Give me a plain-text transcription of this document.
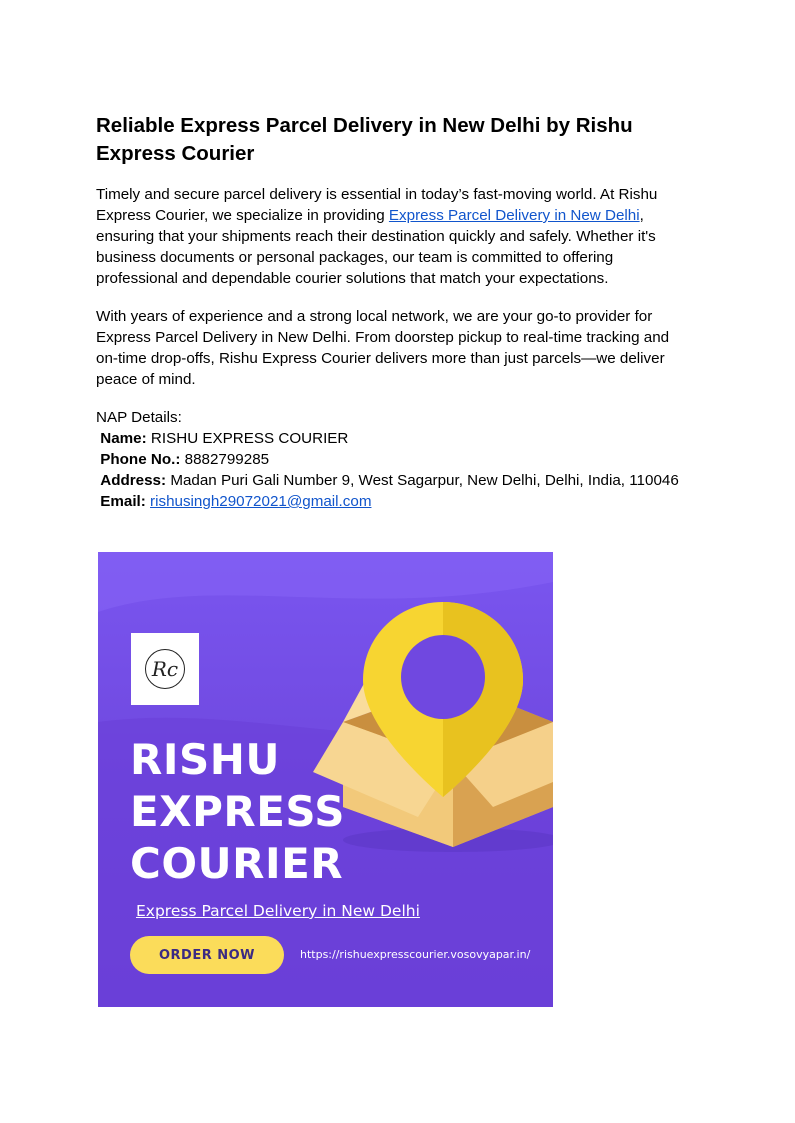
Reliable Express Parcel Delivery in New Delhi by Rishu Express Courier

Timely and secure parcel delivery is essential in today’s fast-moving world. At Rishu Express Courier, we specialize in providing Express Parcel Delivery in New Delhi, ensuring that your shipments reach their destination quickly and safely. Whether it's business documents or personal packages, our team is committed to offering professional and dependable courier solutions that match your expectations.

With years of experience and a strong local network, we are your go-to provider for Express Parcel Delivery in New Delhi. From doorstep pickup to real-time tracking and on-time drop-offs, Rishu Express Courier delivers more than just parcels—we deliver peace of mind.

NAP Details:
Name: RISHU EXPRESS COURIER
Phone No.: 8882799285
Address: Madan Puri Gali Number 9, West Sagarpur, New Delhi, Delhi, India, 110046
Email: rishusingh29072021@gmail.com
Rc
RISHU
EXPRESS
COURIER
Express Parcel Delivery in New Delhi
ORDER NOW	https://rishuexpresscourier.vosovyapar.in/
